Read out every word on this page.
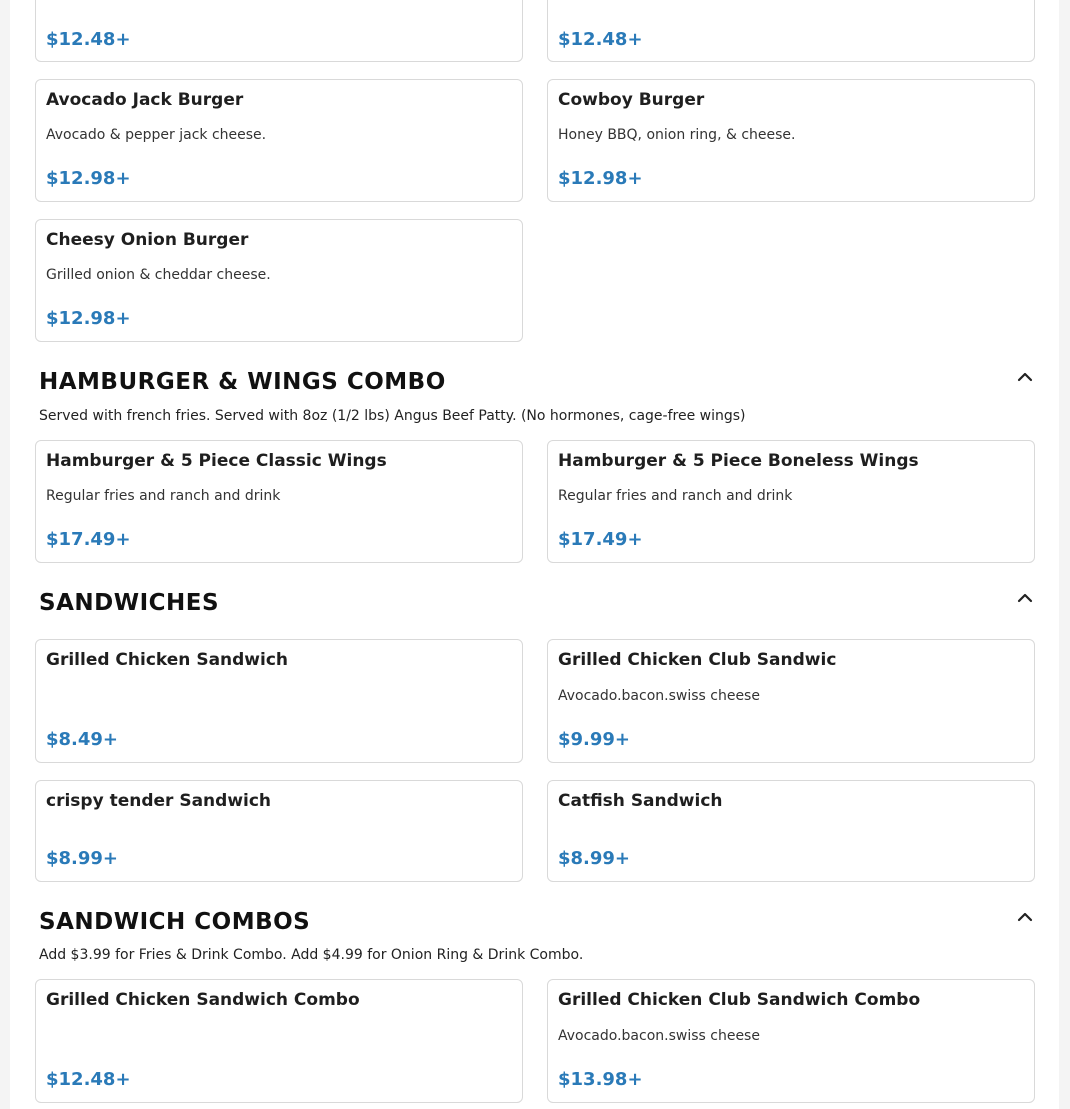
$12.48+	$12.48+
Avocado Jack Burger
Avocado & pepper jack cheese.
$12.98+
Cowboy Burger
Honey BBQ, onion ring, & cheese.
$12.98+
Cheesy Onion Burger
Grilled onion & cheddar cheese.
$12.98+
HAMBURGER & WINGS COMBO
Served with french fries. Served with 8oz (1/2 lbs) Angus Beef Patty. (No hormones, cage-free wings)
Hamburger & 5 Piece Classic Wings
Regular fries and ranch and drink
$17.49+
Hamburger & 5 Piece Boneless Wings
Regular fries and ranch and drink
$17.49+
SANDWICHES
Grilled Chicken Sandwich
$8.49+
Grilled Chicken Club Sandwic
Avocado.bacon.swiss cheese
$9.99+
crispy tender Sandwich
$8.99+
Catfish Sandwich
$8.99+
SANDWICH COMBOS
Add $3.99 for Fries & Drink Combo. Add $4.99 for Onion Ring & Drink Combo.
Grilled Chicken Sandwich Combo
$12.48+
Grilled Chicken Club Sandwich Combo
Avocado.bacon.swiss cheese
$13.98+
